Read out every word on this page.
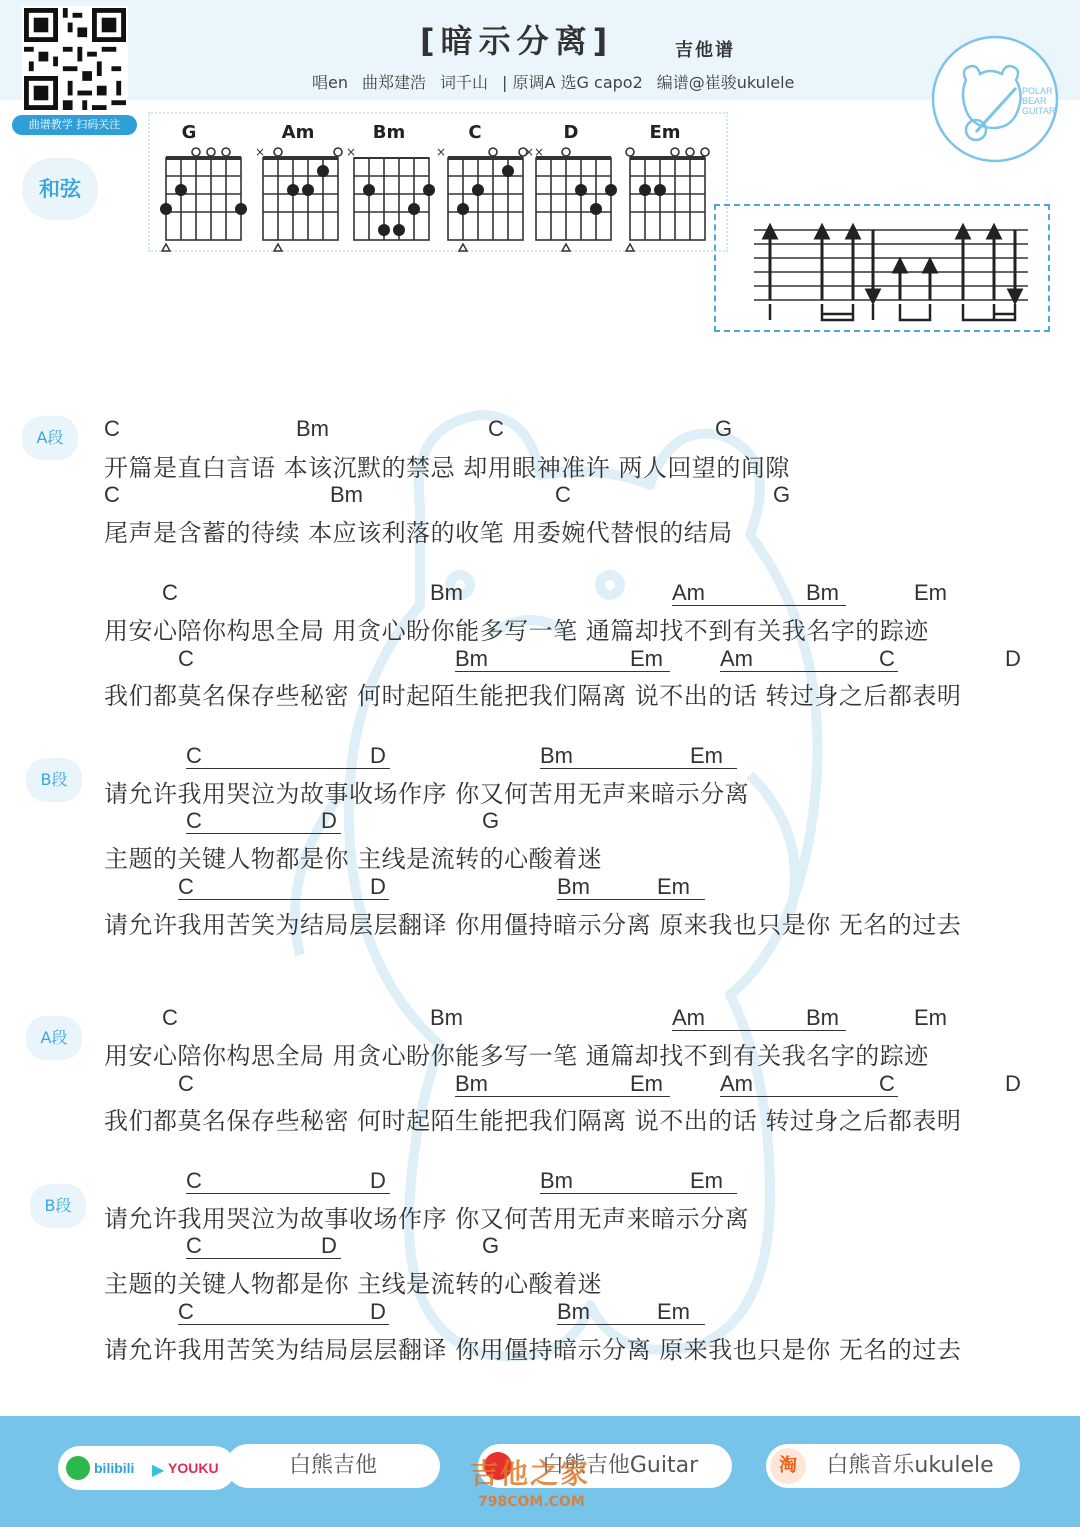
曲谱教学 扫码关注
[暗示分离]	吉他谱
唱en 曲郑建浩 词千山 | 原调A 选G capo2 编谱@崔骏ukulele	POLAR
BEAR
GUITAR
和弦
G	Am
×
Bm
×
C
×
D
××
Em
A段
B段
A段
B段
C	Bm	C	G
开篇是直白言语 本该沉默的禁忌 却用眼神准许 两人回望的间隙
C	Bm	C	G
尾声是含蓄的待续 本应该利落的收笔 用委婉代替恨的结局
C	Bm	Am	Bm	Em
用安心陪你构思全局 用贪心盼你能多写一笔 通篇却找不到有关我名字的踪迹
C	Bm	Em	Am	C	D
我们都莫名保存些秘密 何时起陌生能把我们隔离 说不出的话 转过身之后都表明
C	D	Bm	Em
请允许我用哭泣为故事收场作序 你又何苦用无声来暗示分离
C	D	G
主题的关键人物都是你 主线是流转的心酸着迷
C	D	Bm	Em
请允许我用苦笑为结局层层翻译 你用僵持暗示分离 原来我也只是你 无名的过去
C	Bm	Am	Bm	Em
用安心陪你构思全局 用贪心盼你能多写一笔 通篇却找不到有关我名字的踪迹
C	Bm	Em	Am	C	D
我们都莫名保存些秘密 何时起陌生能把我们隔离 说不出的话 转过身之后都表明
C	D	Bm	Em
请允许我用哭泣为故事收场作序 你又何苦用无声来暗示分离
C	D	G
主题的关键人物都是你 主线是流转的心酸着迷
C	D	Bm	Em
请允许我用苦笑为结局层层翻译 你用僵持暗示分离 原来我也只是你 无名的过去
bilibili ▶ YOUKU	白熊吉他	白熊吉他Guitar	淘	白熊音乐ukulele
吉他之家
798COM.COM
